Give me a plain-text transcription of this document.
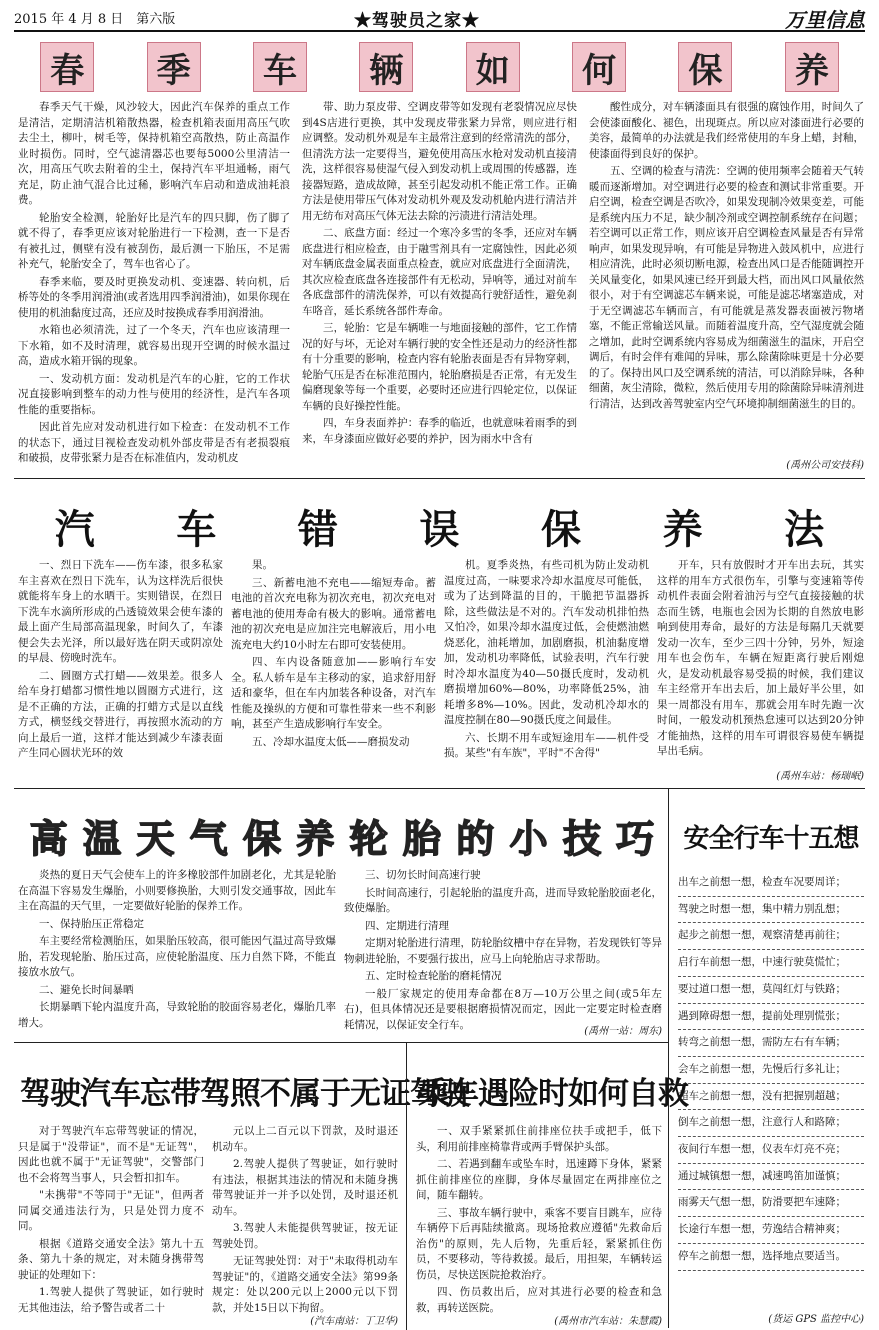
2015 年 4 月 8 日　第六版	★驾驶员之家★	万里信息
春 季 车 辆 如 何 保 养

春季天气干燥，风沙较大，因此汽车保养的重点工作是清洁，定期清洁机箱散热器，检查机箱表面用高压气吹去尘土，柳叶，树毛等，保持机箱空高散热，防止高温作业时损伤。同时，空气滤清器芯也要每5000公里清洁一次，用高压气吹去附着的尘土，保持汽车平坦通畅，雨气充足，防止油气混合比过稀，影响汽车启动和造成油耗浪费。

轮胎安全检测，轮胎好比是汽车的四只脚，伤了脚了就不得了，春季更应该对轮胎进行一下检测，查一下是否有被扎过，侧壁有没有被刮伤，最后测一下胎压，不足需补充气，轮胎安全了，驾车也省心了。

春季来临，要及时更换发动机、变速器、转向机，后桥等处的冬季用润滑油(或者选用四季润滑油)，如果你现在使用的机油黏度过高，还应及时按换成春季用润滑油。

水箱也必须清洗，过了一个冬天，汽车也应该清理一下水箱，如不及时清理，就容易出现开空调的时候水温过高，造成水箱开锅的现象。

一、发动机方面：发动机是汽车的心脏，它的工作状况直接影响到整车的动力性与使用的经济性，是汽车各项性能的重要指标。

因此首先应对发动机进行如下检查：在发动机不工作的状态下，通过目视检查发动机外部皮带是否有老损裂痕和破损，皮带张紧力是否在标准值内，发动机皮

带、助力泵皮带、空调皮带等如发现有老裂情况应尽快到4S店进行更换，其中发现皮带张紧力异常，则应进行相应调整。发动机外观是车主最常注意到的经常清洗的部分，但清洗方法一定要得当，避免使用高压水枪对发动机直接清洗，这样很容易使湿气侵入到发动机上或周围的传感器，连接器短路，造成故障，甚至引起发动机不能正常工作。正确方法是使用带压气体对发动机外观及发动机舱内进行清洁并用无纺布对高压气体无法去除的污渍进行清洁处理。

二、底盘方面：经过一个寒冷多雪的冬季，还应对车辆底盘进行相应检查，由于融雪剂具有一定腐蚀性，因此必须对车辆底盘金属表面重点检查，就应对底盘进行全面清洗，其次应检查底盘各连接部件有无松动，异响等，通过对前车各底盘部件的清洗保养，可以有效提高行驶舒适性，避免刹车咯音，延长系统各部件寿命。

三，轮胎：它是车辆唯一与地面接触的部件，它工作情况的好与坏，无论对车辆行驶的安全性还是动力的经济性都有十分重要的影响，检查内容有轮胎表面是否有异物穿刺，轮胎气压是否在标准范围内，轮胎磨损是否正常，有无发生偏磨现象等每一个重要，必要时还应进行四轮定位，以保证车辆的良好操控性能。

四，车身表面养护：春季的临近，也就意味着雨季的到来，车身漆面应做好必要的养护，因为雨水中含有

酸性成分，对车辆漆面具有很强的腐蚀作用，时间久了会使漆面酸化、褪色，出现斑点。所以应对漆面进行必要的美容，最简单的办法就是我们经常使用的车身上蜡，封釉，使漆面得到良好的保护。

五、空调的检查与清洗：空调的使用频率会随着天气转暖而逐渐增加。对空调进行必要的检查和测试非常重要。开启空调，检查空调是否吹冷，如果发现制冷效果变差，可能是系统内压力不足，缺少制冷剂或空调控制系统存在问题；若空调可以正常工作，则应该开启空调检查风量是否有异常响声，如果发现异响，有可能是异物进入鼓风机中，应进行相应清洗，此时必须切断电源，检查出风口是否能随调控开关风量变化，如果风速已经开到最大档，而出风口风量依然很小，对于有空调滤芯车辆来说，可能是滤芯堵塞造成，对于无空调滤芯车辆而言，有可能就是蒸发器表面被污物堵塞，不能正常输送风量。而随着温度升高，空气湿度就会随之增加，此时空调系统内容易成为细菌滋生的温床，开启空调后，有时会伴有难闻的异味，那么除菌除味更是十分必要的了。保持出风口及空调系统的清洁，可以消除异味，各种细菌，灰尘清除，微粒，然后使用专用的除菌除异味清剂进行清洁，达到改善驾驶室内空气环境抑制细菌滋生的目的。

(禹州公司安技科)
汽 车 错 误 保 养 法

一、烈日下洗车——伤车漆，很多私家车主喜欢在烈日下洗车，认为这样洗后很快就能将车身上的水晒干。实则错误，在烈日下洗车水滴所形成的凸透镜效果会使车漆的最上面产生局部高温现象，时间久了，车漆便会失去光泽，所以最好选在阴天或阴凉处的早晨、傍晚时洗车。

二、圆圈方式打蜡——效果差。很多人给车身打蜡都习惯性地以圆圈方式进行，这是不正确的方法，正确的打蜡方式是以直线方式，横竖线交替进行，再按照水流动的方向上最后一道，这样才能达到减少车漆表面产生同心圆状光环的效

果。

三、新蓄电池不充电——缩短寿命。蓄电池的首次充电称为初次充电，初次充电对蓄电池的使用寿命有极大的影响。通常蓄电池的初次充电是应加注完电解液后，用小电流充电大约10小时左右即可安装使用。

四、车内设备随意加——影响行车安全。私人轿车是车主移动的家，追求舒用舒适和豪华，但在车内加装各种设备，对汽车性能及操纵的方便和可靠性带来一些不利影响，甚至产生造成影响行车安全。

五、冷却水温度太低——磨损发动

机。夏季炎热，有些司机为防止发动机温度过高，一味要求冷却水温度尽可能低，或为了达到降温的目的，干脆把节温器拆除，这些做法是不对的。汽车发动机排怕热又怕冷，如果冷却水温度过低，会使燃油燃烧恶化，油耗增加，加剧磨损，机油黏度增加，发动机功率降低，试验表明，汽车行驶时冷却水温度为40—50摄氏度时，发动机磨损增加60%—80%，功率降低25%，油耗增多8%—10%。因此，发动机冷却水的温度控制在80—90摄氏度之间最佳。

六、长期不用车或短途用车——机件受损。某些"有车族"，平时"不舍得"

开车，只有放假时才开车出去玩，其实这样的用车方式很伤车，引擎与变速箱等传动机件表面会附着油污与空气直接接触的状态而生锈，电瓶也会因为长期的自然放电影响到使用寿命，最好的方法是每隔几天就要发动一次车，至少三四十分钟，另外，短途用车也会伤车，车辆在短距离行驶后刚熄火，是发动机最容易受损的时候，我们建议车主经常开车出去后，加上最好半公里，如果一周都没有用车，那就会用车时先跑一次时间，一般发动机预热怠速可以达到20分钟才能抽热，这样的用车可谓很容易使车辆提早出毛病。

(禹州车站：杨瑞岷)
高 温 天 气 保 养 轮 胎 的 小 技 巧

炎热的夏日天气会使车上的许多橡胶部件加剧老化，尤其是轮胎在高温下容易发生爆胎，小则要修换胎，大则引发交通事故，因此车主在高温的天气里，一定要做好轮胎的保养工作。

一、保持胎压正常稳定

车主要经常检测胎压，如果胎压较高，很可能因气温过高导致爆胎，若发现轮胎、胎压过高，应使轮胎温度、压力自然下降，不能直接放水放气。

二、避免长时间暴晒

长期暴晒下轮内温度升高，导致轮胎的胶面容易老化，爆胎几率增大。

三、切勿长时间高速行驶

长时间高速行，引起轮胎的温度升高，进而导致轮胎胶面老化，致使爆胎。

四、定期进行清理

定期对轮胎进行清理，防轮胎纹槽中存在异物，若发现铁钉等异物刺进轮胎，不要强行拔出，应马上向轮胎店寻求帮助。

五、定时检查轮胎的磨耗情况

一般厂家规定的使用寿命都在8万—10万公里之间(或5年左右)，但具体情况还是要根据磨损情况而定，因此一定要定时检查磨耗情况，以保证安全行车。

(禹州一站：周东)
安全行车十五想
出车之前想一想，检查车况要周详；
驾驶之时想一想，集中精力别乱想；
起步之前想一想，观察清楚再前往；
启行车前想一想，中速行驶莫慌忙；
要过道口想一想，莫闯红灯与铁路；
遇到障碍想一想，提前处理别慌张；
转弯之前想一想，需防左右有车辆；
会车之前想一想，先慢后行多礼让；
超车之前想一想，没有把握别超越；
倒车之前想一想，注意行人和路障；
夜间行车想一想，仪表车灯亮不亮；
通过城镇想一想，减速鸣笛加谨慎；
雨雾天气想一想，防滑要把车速降；
长途行车想一想，劳逸结合精神爽；
停车之前想一想，选择地点要适当。
(货运 GPS 监控中心)
驾驶汽车忘带驾照不属于无证驾驶

对于驾驶汽车忘带驾驶证的情况，只是属于"没带证"，而不是"无证驾"，因此也就不属于"无证驾驶"，交警部门也不会将驾当事人，只会暂扣扣车。

"未携带"不等同于"无证"，但两者同属交通违法行为，只是处罚力度不同。

根据《道路交通安全法》第九十五条、第九十条的规定，对未随身携带驾驶证的处理如下：

1.驾驶人提供了驾驶证，如行驶时无其他违法，给予警告或者二十

元以上二百元以下罚款，及时退还机动车。

2.驾驶人提供了驾驶证，如行驶时有违法，根据其违法的情况和未随身携带驾驶证并一并予以处罚，及时退还机动车。

3.驾驶人未能提供驾驶证，按无证驾驶处罚。

无证驾驶处罚：对于"未取得机动车驾驶证"的，《道路交通安全法》第99条规定：处以200元以上2000元以下罚款，并处15日以下拘留。

(汽车南站：丁卫华)
乘车遇险时如何自救

一、双手紧紧抓住前排座位扶手或把手，低下头，利用前排座椅靠背或两手臂保护头部。

二、若遇到翻车或坠车时，迅速蹲下身体，紧紧抓住前排座位的座脚，身体尽量固定在两排座位之间，随车翻转。

三、事故车辆行驶中，乘客不要盲目跳车，应待车辆停下后再陆续撤离。现场抢救应遵循"先救命后治伤"的原则，先人后物，先重后轻，紧紧抓住伤员，不要移动，等待救援。最后，用担架，车辆转运伤员，尽快送医院抢救治疗。

四、伤员救出后，应对其进行必要的检查和急救，再转送医院。

(禹州市汽车站：朱慧霞)
